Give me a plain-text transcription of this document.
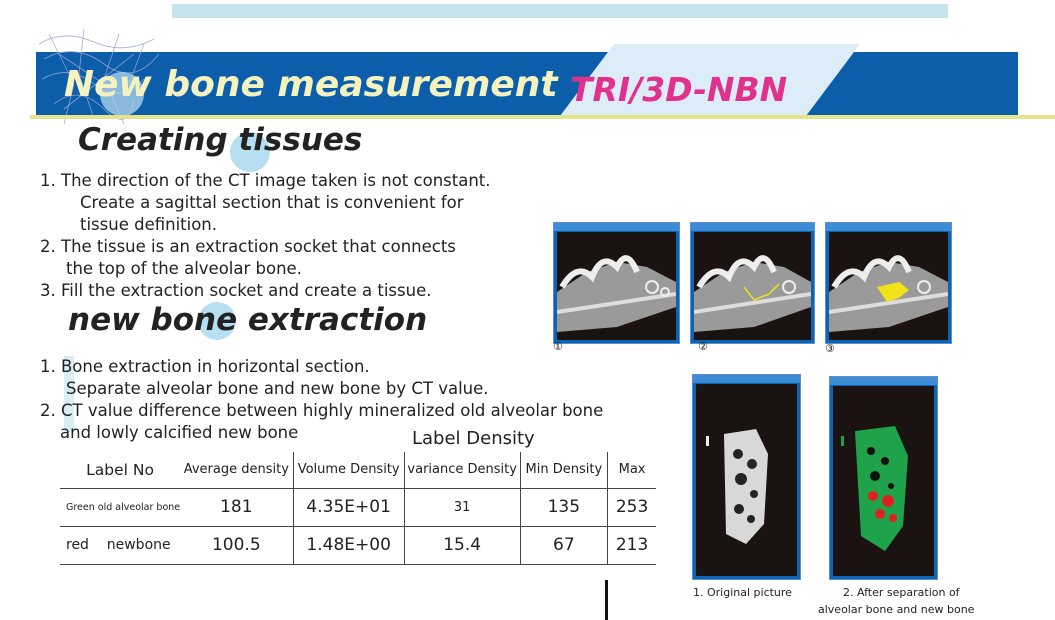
New bone measurement TRI/3D-NBN
Creating tissues
1. The direction of the CT image taken is not constant.
Create a sagittal section that is convenient for
tissue definition.
2. The tissue is an extraction socket that connects
the top of the alveolar bone.
3. Fill the extraction socket and create a tissue.
new bone extraction
1. Bone extraction in horizontal section.
Separate alveolar bone and new bone by CT value.
2. CT value difference between highly mineralized old alveolar bone
and lowly calcified new bone	Label Density
Label No	Average density	Volume Density	variance Density	Min Density	Max
Green old alveolar bone	181	4.35E+01	31	135	253
red    newbone	100.5	1.48E+00	15.4	67	213
①	②	③
1. Original picture	2. After separation of
alveolar bone and new bone
